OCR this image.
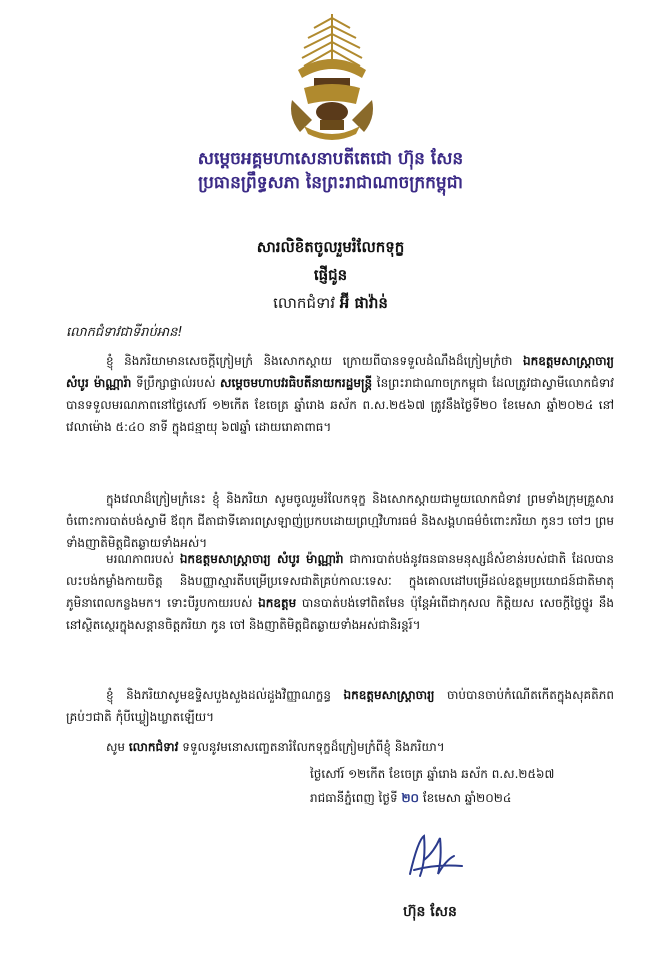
សម្តេចអគ្គមហាសេនាបតីតេជោ ហ៊ុន សែន
ប្រធានព្រឹទ្ធសភា នៃព្រះរាជាណាចក្រកម្ពុជា
សារលិខិតចូលរួមរំលែកទុក្ខ
ផ្ញើជូន
លោកជំទាវ អ៊ី ផាវ៉ាន់
លោកជំទាវជាទីរាប់អាន!
ខ្ញុំ និងភរិយាមានសេចក្តីក្រៀមក្រំ និងសោកស្តាយ ក្រោយពីបានទទួលដំណឹងដ៏ក្រៀមក្រំថា ឯកឧត្តមសាស្ត្រាចារ្យ សំបូរ ម៉ាណ្ណារ៉ា ទីប្រឹក្សាផ្ទាល់របស់ សម្តេចមហាបវរធិបតីនាយករដ្ឋមន្ត្រី នៃព្រះរាជាណាចក្រកម្ពុជា ដែលត្រូវជាស្វាមីលោកជំទាវ បានទទួលមរណភាពនៅថ្ងៃសៅរ៍ ១២កើត ខែចេត្រ ឆ្នាំរោង ឆស័ក ព.ស.២៥៦៧ ត្រូវនឹងថ្ងៃទី២០ ខែមេសា ឆ្នាំ២០២៤ នៅវេលាម៉ោង ៥:៤០ នាទី ក្នុងជន្មាយុ ៦៧ឆ្នាំ ដោយរោគាពាធ។
ក្នុងវេលាដ៏ក្រៀមក្រំនេះ ខ្ញុំ និងភរិយា សូមចូលរួមរំលែកទុក្ខ និងសោកស្តាយជាមួយលោកជំទាវ ព្រមទាំងក្រុមគ្រួសារ ចំពោះការបាត់បង់ស្វាមី ឪពុក ជីតាជាទីគោរពស្រឡាញ់ប្រកបដោយព្រហ្មវិហារធម៌ និងសង្គហធម៌ចំពោះភរិយា កូនៗ ចៅៗ ព្រមទាំងញាតិមិត្តជិតឆ្ងាយទាំងអស់។
មរណភាពរបស់ ឯកឧត្តមសាស្ត្រាចារ្យ សំបូរ ម៉ាណ្ណារ៉ា ជាការបាត់បង់នូវធនធានមនុស្សដ៏សំខាន់របស់ជាតិ ដែលបានលះបង់កម្លាំងកាយចិត្ត និងបញ្ញាស្មារតីបម្រើប្រទេសជាតិគ្រប់កាលៈទេសៈ ក្នុងគោលដៅបម្រើដល់ឧត្តមប្រយោជន៍ជាតិមាតុភូមិនាពេលកន្លងមក។ ទោះបីរូបកាយរបស់ ឯកឧត្តម បានបាត់បង់ទៅពិតមែន ប៉ុន្តែអំពើជាកុសល កិត្តិយស សេចក្តីថ្លៃថ្នូរ នឹងនៅស្ថិតស្ថេរក្នុងសន្តានចិត្តភរិយា កូន ចៅ និងញាតិមិត្តជិតឆ្ងាយទាំងអស់ជានិរន្តរ៍។
ខ្ញុំ និងភរិយាសូមឧទ្ទិសបួងសួងដល់ដួងវិញ្ញាណក្ខន្ធ ឯកឧត្តមសាស្ត្រាចារ្យ ចាប់បានចាប់កំណើតកើតក្នុងសុគតិភពគ្រប់ៗជាតិ កុំបីឃ្លៀងឃ្លាតឡើយ។
សូម លោកជំទាវ ទទួលនូវមនោសញ្ចេតនារំលែកទុក្ខដ៏ក្រៀមក្រំពីខ្ញុំ និងភរិយា។
ថ្ងៃសៅរ៍ ១២កើត ខែចេត្រ ឆ្នាំរោង ឆស័ក ព.ស.២៥៦៧
រាជធានីភ្នំពេញ ថ្ងៃទី ២០ ខែមេសា ឆ្នាំ២០២៤
ហ៊ុន សែន
